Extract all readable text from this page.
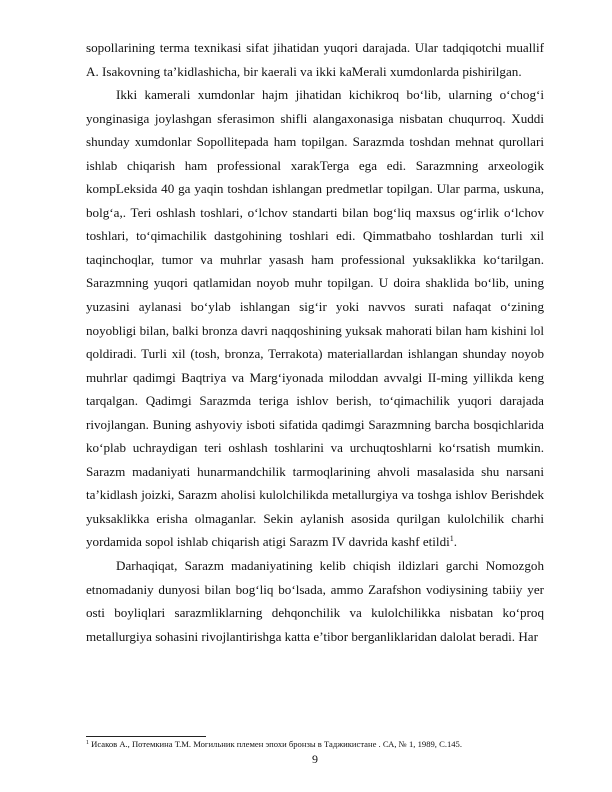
sopollarining terma texnikasi sifat jihatidan yuqori darajada. Ular tadqiqotchi muallif A. Isakovning ta’kidlashicha, bir kaerali va ikki kaMerali xumdonlarda pishirilgan.

Ikki kamerali xumdonlar hajm jihatidan kichikroq bo‘lib, ularning o‘chog‘i yonginasiga joylashgan sferasimon shifli alangaxonasiga nisbatan chuqurroq. Xuddi shunday xumdonlar Sopollitepada ham topilgan. Sarazmda toshdan mehnat qurollari ishlab chiqarish ham professional xarakTerga ega edi. Sarazmning arxeologik kompLeksida 40 ga yaqin toshdan ishlangan predmetlar topilgan. Ular parma, uskuna, bolg‘a,. Teri oshlash toshlari, o‘lchov standarti bilan bog‘liq maxsus og‘irlik o‘lchov toshlari, to‘qimachilik dastgohining toshlari edi. Qimmatbaho toshlardan turli xil taqinchoqlar, tumor va muhrlar yasash ham professional yuksaklikka ko‘tarilgan. Sarazmning yuqori qatlamidan noyob muhr topilgan. U doira shaklida bo‘lib, uning yuzasini aylanasi bo‘ylab ishlangan sig‘ir yoki navvos surati nafaqat o‘zining noyobligi bilan, balki bronza davri naqqoshining yuksak mahorati bilan ham kishini lol qoldiradi. Turli xil (tosh, bronza, Terrakota) materiallardan ishlangan shunday noyob muhrlar qadimgi Baqtriya va Marg‘iyonada miloddan avvalgi II-ming yillikda keng tarqalgan. Qadimgi Sarazmda teriga ishlov berish, to‘qimachilik yuqori darajada rivojlangan. Buning ashyoviy isboti sifatida qadimgi Sarazmning barcha bosqichlarida ko‘plab uchraydigan teri oshlash toshlarini va urchuqtoshlarni ko‘rsatish mumkin. Sarazm madaniyati hunarmandchilik tarmoqlarining ahvoli masalasida shu narsani ta’kidlash joizki, Sarazm aholisi kulolchilikda metallurgiya va toshga ishlov Berishdek yuksaklikka erisha olmaganlar. Sekin aylanish asosida qurilgan kulolchilik charhi yordamida sopol ishlab chiqarish atigi Sarazm IV davrida kashf etildi$^1$.

Darhaqiqat, Sarazm madaniyatining kelib chiqish ildizlari garchi Nomozgoh etnomadaniy dunyosi bilan bog‘liq bo‘lsada, ammo Zarafshon vodiysining tabiiy yer osti boyliqlari sarazmliklarning dehqonchilik va kulolchilikka nisbatan ko‘proq metallurgiya sohasini rivojlantirishga katta e’tibor berganliklaridan dalolat beradi. Har

$^1$ Исаков А., Потемкина Т.М. Могильник племен эпохи бронзы в Таджикистане . СА, № 1, 1989, С.145.
9
